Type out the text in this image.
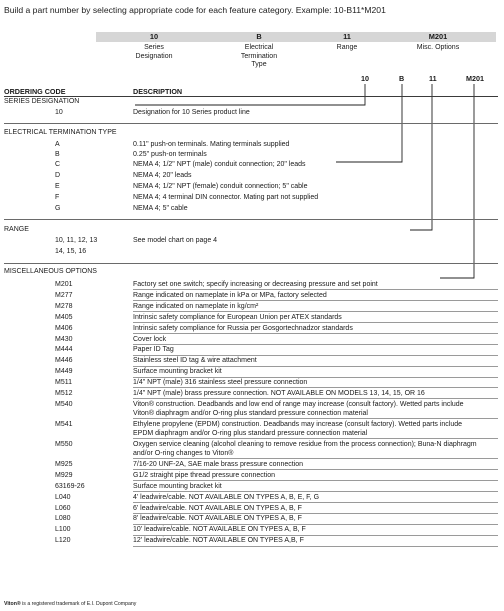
Build a part number by selecting appropriate code for each feature category. Example: 10-B11*M201
10
Series
Designation
B
Electrical
Termination
Type
11
Range
M201
Misc. Options
10	B	11	M201
ORDERING CODE	DESCRIPTION
SERIES DESIGNATION
10	Designation for 10 Series product line
ELECTRICAL TERMINATION TYPE
A	0.11" push-on terminals. Mating terminals supplied
B	0.25" push-on terminals
C	NEMA 4; 1/2" NPT (male) conduit connection; 20" leads
D	NEMA 4; 20" leads
E	NEMA 4; 1/2" NPT (female) conduit connection; 5" cable
F	NEMA 4; 4 terminal DIN connector. Mating part not supplied
G	NEMA 4; 5" cable
RANGE
10, 11, 12, 13	See model chart on page 4
14, 15, 16
MISCELLANEOUS OPTIONS
M201	Factory set one switch; specify increasing or decreasing pressure and set point
M277	Range indicated on nameplate in kPa or MPa, factory selected
M278	Range indicated on nameplate in kg/cm²
M405	Intrinsic safety compliance for European Union per ATEX standards
M406	Intrinsic safety compliance for Russia per Gosgortechnadzor standards
M430	Cover lock
M444	Paper ID Tag
M446	Stainless steel ID tag & wire attachment
M449	Surface mounting bracket kit
M511	1/4" NPT (male) 316 stainless steel pressure connection
M512	1/4" NPT (male) brass pressure connection. NOT AVAILABLE ON MODELS 13, 14, 15, OR 16
M540	Viton® construction. Deadbands and low end of range may increase (consult factory). Wetted parts include
Viton® diaphragm and/or O-ring plus standard pressure connection material
M541	Ethylene propylene (EPDM) construction. Deadbands may increase (consult factory). Wetted parts include
EPDM diaphragm and/or O-ring plus standard pressure connection material
M550	Oxygen service cleaning (alcohol cleaning to remove residue from the process connection); Buna-N diaphragm
and/or O-ring changes to Viton®
M925	7/16-20 UNF-2A, SAE male brass pressure connection
M929	G1/2 straight pipe thread pressure connection
63169-26	Surface mounting bracket kit
L040	4' leadwire/cable. NOT AVAILABLE ON TYPES A, B, E, F, G
L060	6' leadwire/cable. NOT AVAILABLE ON TYPES A, B, F
L080	8' leadwire/cable. NOT AVAILABLE ON TYPES A, B, F
L100	10' leadwire/cable. NOT AVAILABLE ON TYPES A, B, F
L120	12' leadwire/cable. NOT AVAILABLE ON TYPES A,B, F
Viton® is a registered trademark of E.I. Dupont Company
